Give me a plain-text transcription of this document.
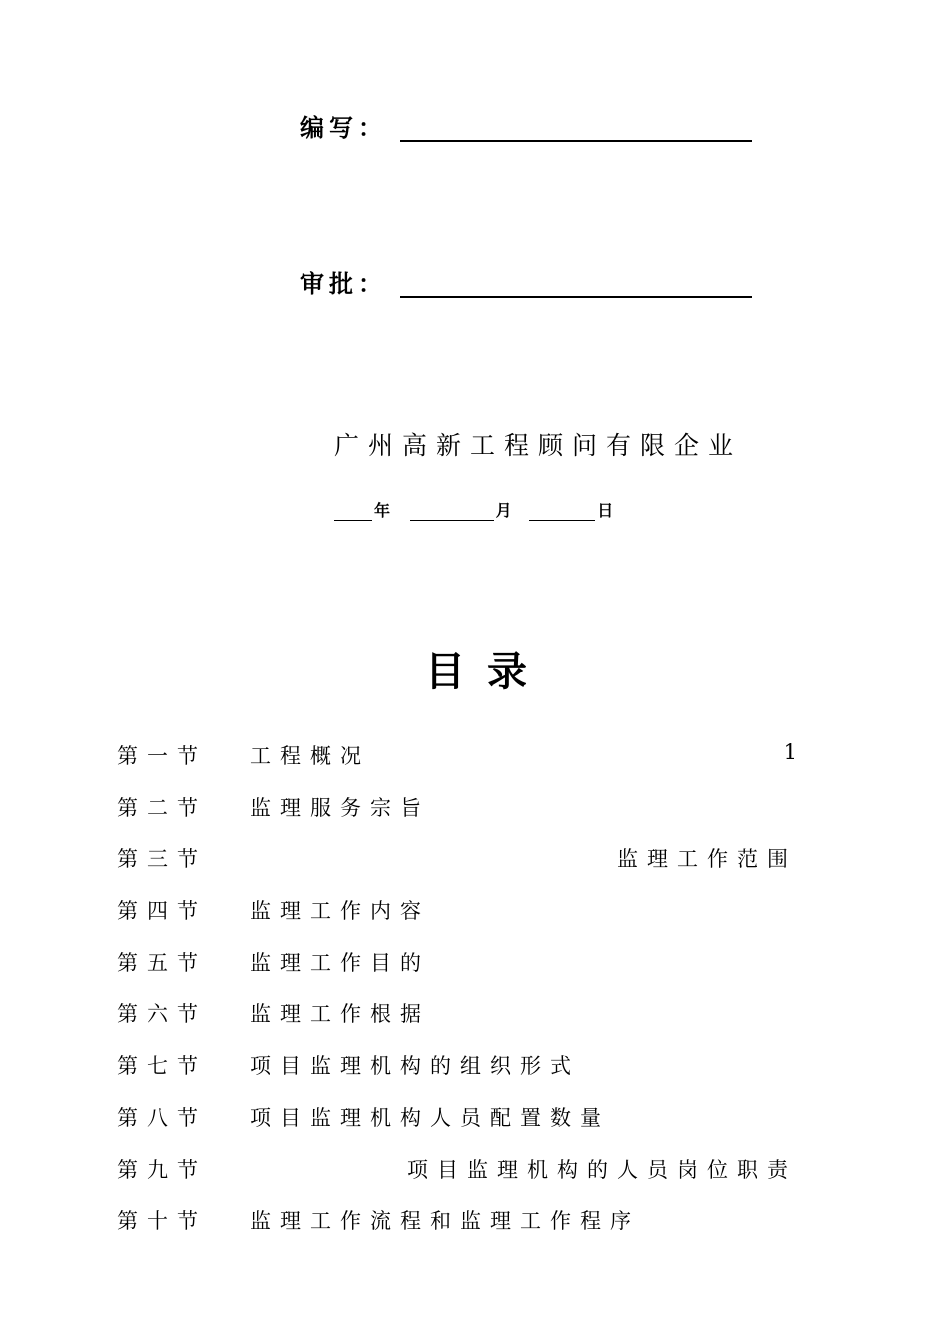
编写：
审批：
广州高新工程顾问有限企业
年	月	日
目录
第一节 工程概况	1
第二节 监理服务宗旨
第三节	监理工作范围
第四节 监理工作内容
第五节 监理工作目的
第六节 监理工作根据
第七节 项目监理机构的组织形式
第八节 项目监理机构人员配置数量
第九节	项目监理机构的人员岗位职责
第十节 监理工作流程和监理工作程序
